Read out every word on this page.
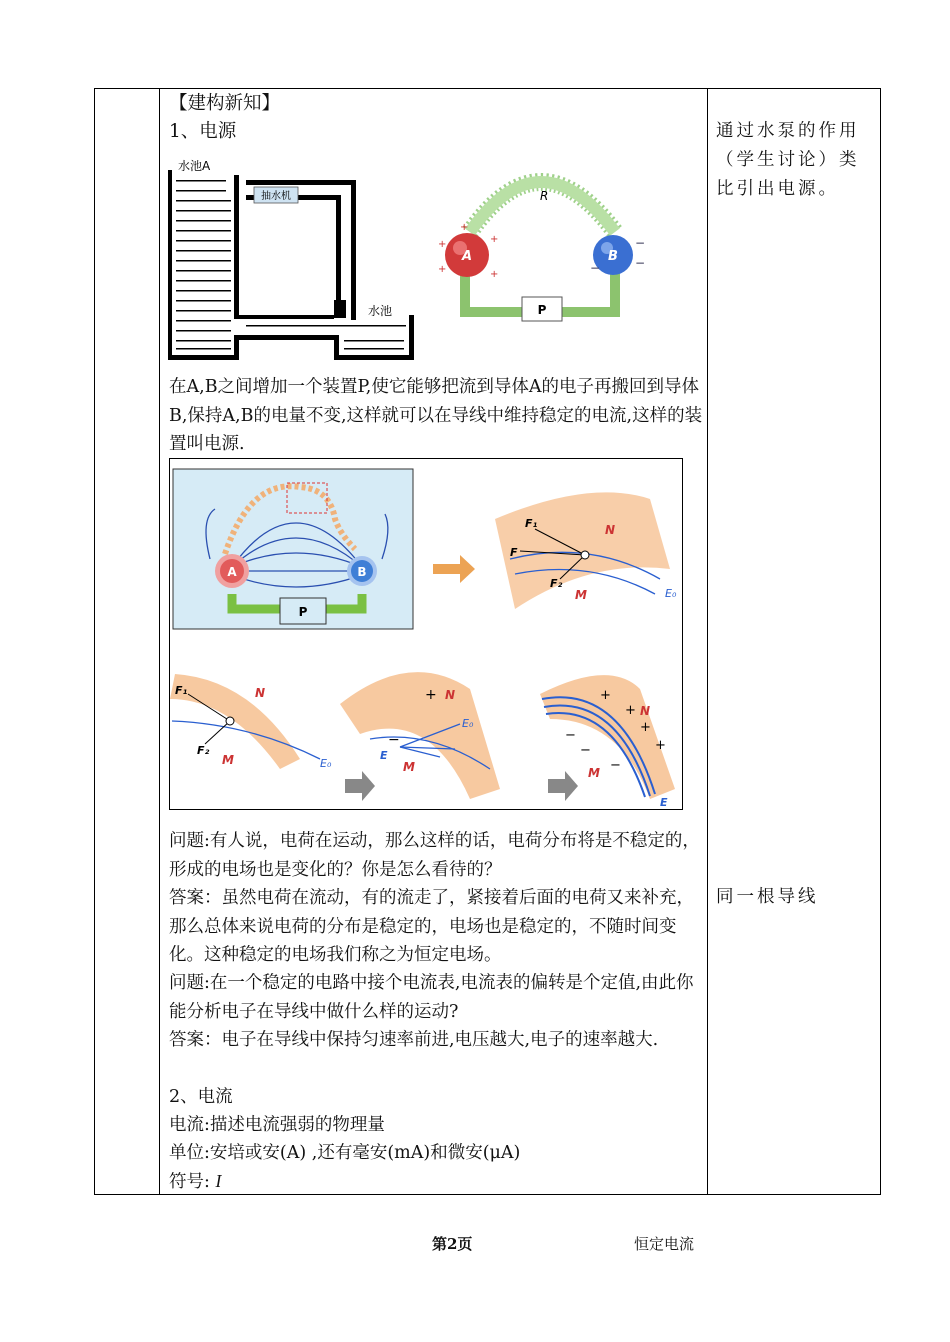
【建构新知】
1、电源
抽水机
水池A
水池
R
P
A	B
+
+
+
+
+
−
−
−
在A,B之间增加一个装置P,使它能够把流到导体A的电子再搬回到导体B,保持A,B的电量不变,这样就可以在导线中维持稳定的电流,这样的装置叫电源.
P
A	B
N
M	E₀
F₁
F
F₂
N
M	E₀
F₁
F₂
N
M
E
E₀
+
−
N
M
E
+
+
+
+
−
−
−
问题:有人说，电荷在运动，那么这样的话，电荷分布将是不稳定的，形成的电场也是变化的？你是怎么看待的？
答案：虽然电荷在流动，有的流走了，紧接着后面的电荷又来补充，那么总体来说电荷的分布是稳定的，电场也是稳定的，不随时间变化。这种稳定的电场我们称之为恒定电场。
问题:在一个稳定的电路中接个电流表,电流表的偏转是个定值,由此你能分析电子在导线中做什么样的运动?
答案：电子在导线中保持匀速率前进,电压越大,电子的速率越大.
2、电流
电流:描述电流强弱的物理量
单位:安培或安(A) ,还有毫安(mA)和微安(μA)
符号: I
通过水泵的作用（学生讨论）类比引出电源。
同一根导线
第2页	恒定电流
